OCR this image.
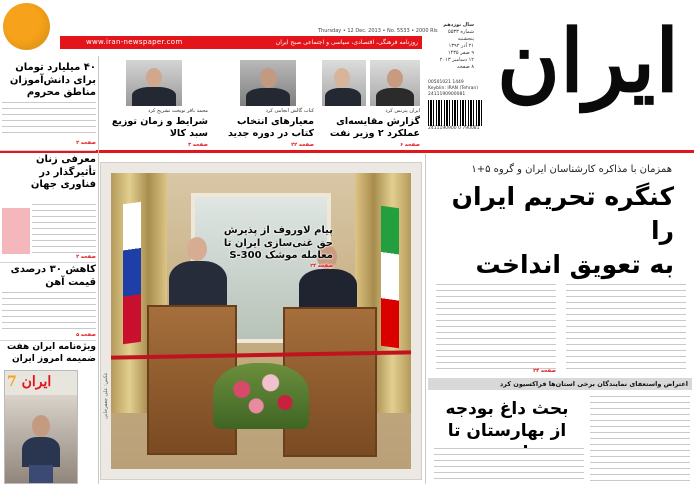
Thursday • 12 Dec. 2013 • No. 5533 • 2000 Rls
www.iran-newspaper.com	روزنامه فرهنگی، اقتصادی، سیاسی و اجتماعی صبح ایران
سال نوزدهم
شماره ۵۵۳۳
پنجشنبه
۲۱ آذر ۱۳۹۲
۹ صفر ۱۴۳۵
۱۲ دسامبر ۲۰۱۳
۸ صفحه
00501021 1449
Keyblin: IRAN (Tehran)
2411190900081
2411190900 0 790081
ایران
ایران پترنس کرد
گزارش مقایسه‌ای عملکرد ۲ وزیر نفت
صفحه ۶
کتاب گالش انجامی کرد
معیارهای انتخاب کتاب در دوره جدید
صفحه ۲۲
محمد باقر نوبخت تشریح کرد
شرایط و زمان توزیع سبد کالا
صفحه ۳
۴۰ میلیارد تومان برای دانش‌آموزان مناطق محروم
صفحه ۲
معرفی زنان تأثیرگذار در فناوری جهان
صفحه ۲
کاهش ۳۰ درصدی قیمت آهن
صفحه ۵
ویژه‌نامه ایران هفت ضمیمه امروز ایران
7 ایران
پیام لاوروف از پذیرش
حق غنی‌سازی ایران تا
معامله موشک S-300
صفحه ۲۴
عکس: علی جعفرخانی
همزمان با مذاکره کارشناسان ایران و گروه ۵+۱
کنگره تحریم ایران را
به تعویق انداخت
صفحه ۲۴
اعتراض واستعفای نمایندگان برخی استان‌ها فراکسیون کرد
بحث داغ بودجه
از بهارستان تا
